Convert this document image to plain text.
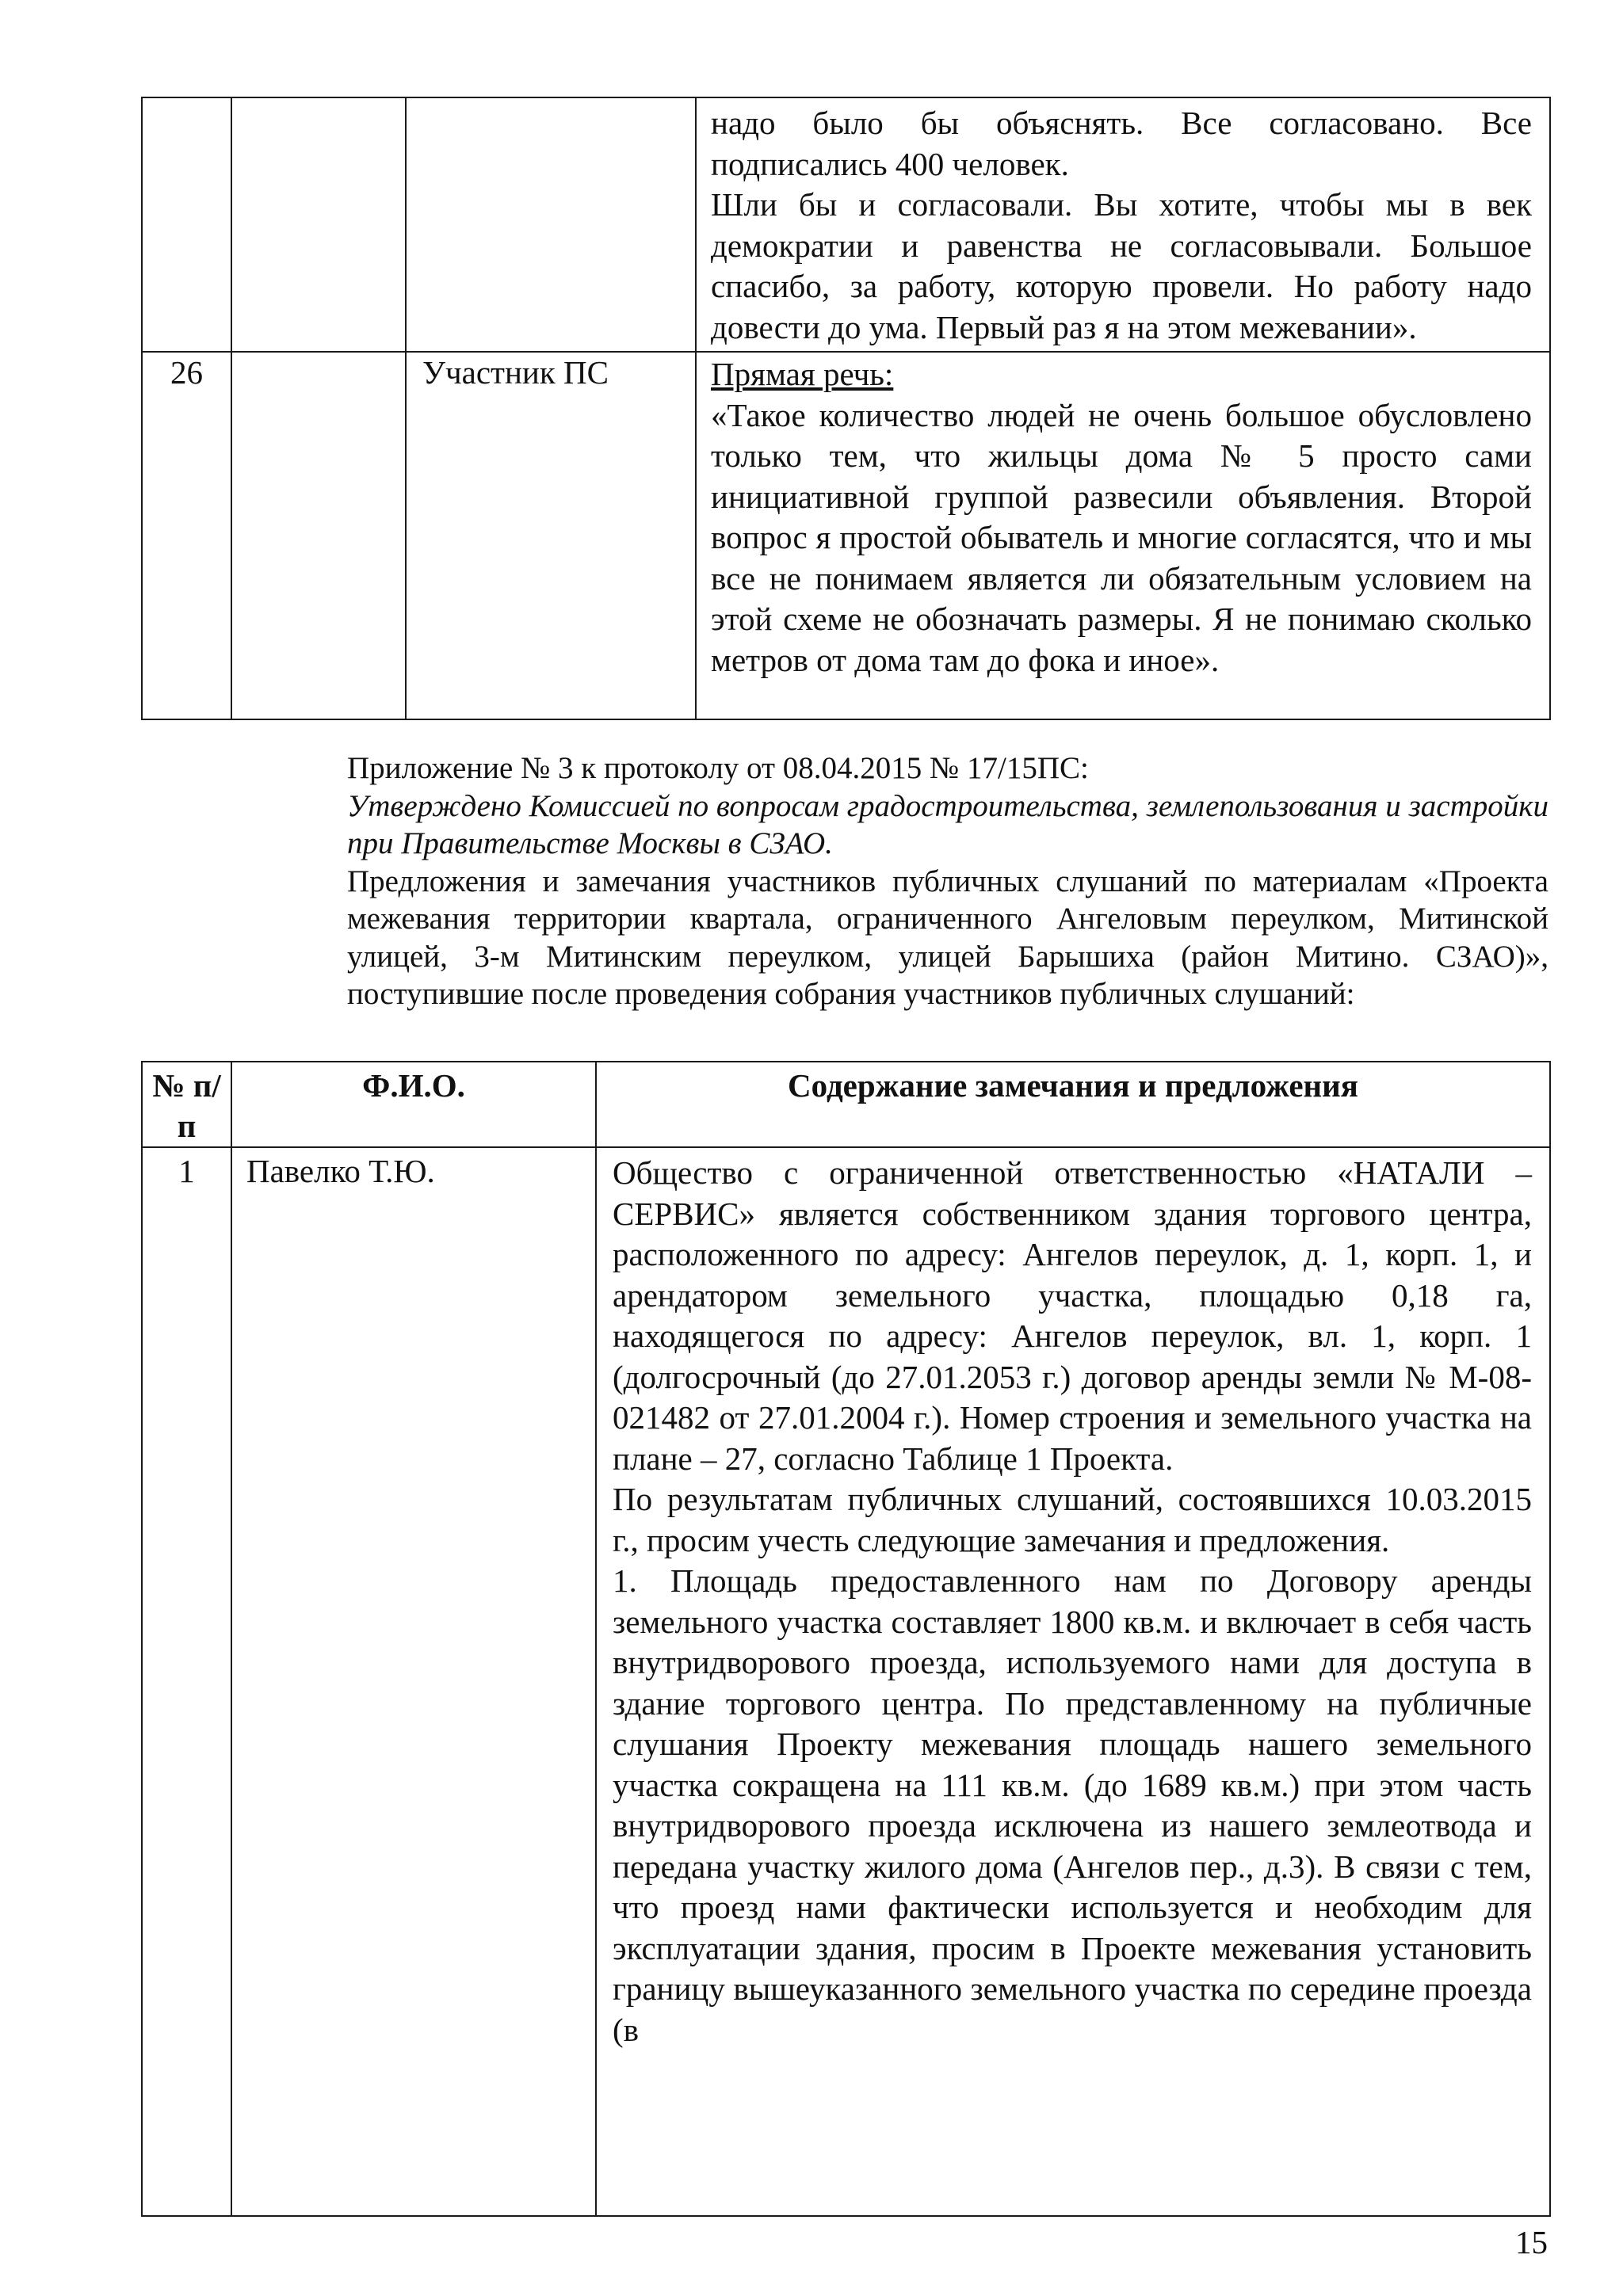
			надо было бы объяснять. Все согласовано. Все подписались 400 человек.

Шли бы и согласовали. Вы хотите, чтобы мы в век демократии и равенства не согласовывали. Большое спасибо, за работу, которую провели. Но работу надо довести до ума. Первый раз я на этом межевании».

26		Участник ПС	Прямая речь:

«Такое количество людей не очень большое обусловлено только тем, что жильцы дома № 5 просто сами инициативной группой развесили объявления. Второй вопрос я простой обыватель и многие согласятся, что и мы все не понимаем является ли обязательным условием на этой схеме не обозначать размеры. Я не понимаю сколько метров от дома там до фока и иное».

Приложение № 3 к протоколу от 08.04.2015 № 17/15ПС:

Утверждено Комиссией по вопросам градостроительства, землепользования и застройки при Правительстве Москвы в СЗАО.

Предложения и замечания участников публичных слушаний по материалам «Проекта межевания территории квартала, ограниченного Ангеловым переулком, Митинской улицей, 3-м Митинским переулком, улицей Барышиха (район Митино. СЗАО)», поступившие после проведения собрания участников публичных слушаний:

№ п/п	Ф.И.О.	Содержание замечания и предложения
1	Павелко Т.Ю.	Общество с ограниченной ответственностью «НАТАЛИ – СЕРВИС» является собственником здания торгового центра, расположенного по адресу: Ангелов переулок, д. 1, корп. 1, и арендатором земельного участка, площадью 0,18 га, находящегося по адресу: Ангелов переулок, вл. 1, корп. 1 (долгосрочный (до 27.01.2053 г.) договор аренды земли № М-08-021482 от 27.01.2004 г.). Номер строения и земельного участка на плане – 27, согласно Таблице 1 Проекта.

По результатам публичных слушаний, состоявшихся 10.03.2015 г., просим учесть следующие замечания и предложения.

1. Площадь предоставленного нам по Договору аренды земельного участка составляет 1800 кв.м. и включает в себя часть внутридворового проезда, используемого нами для доступа в здание торгового центра. По представленному на публичные слушания Проекту межевания площадь нашего земельного участка сокращена на 111 кв.м. (до 1689 кв.м.) при этом часть внутридворового проезда исключена из нашего землеотвода и передана участку жилого дома (Ангелов пер., д.3). В связи с тем, что проезд нами фактически используется и необходим для эксплуатации здания, просим в Проекте межевания установить границу вышеуказанного земельного участка по середине проезда (в

15
